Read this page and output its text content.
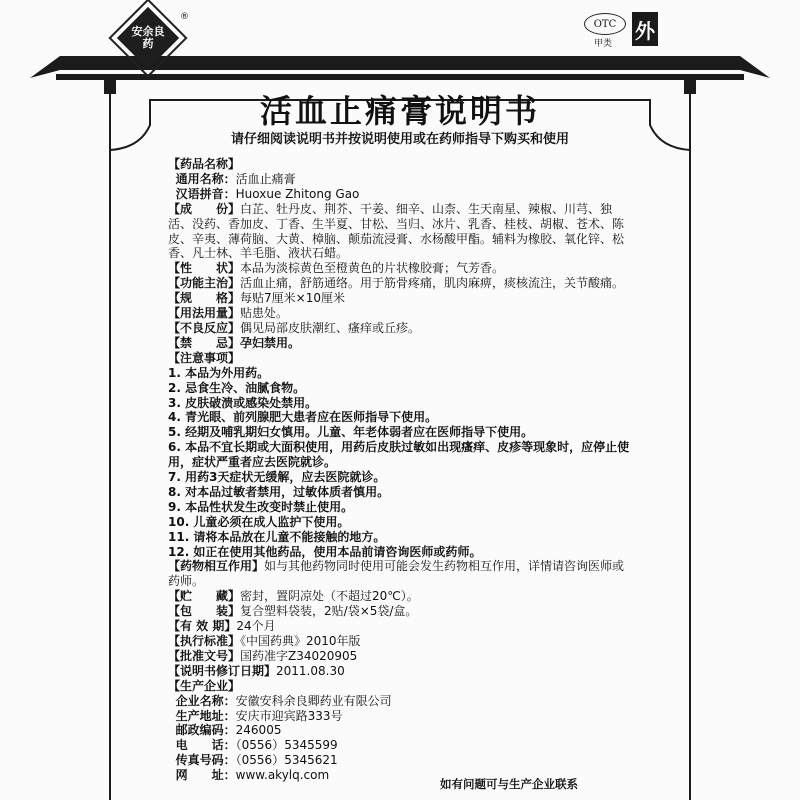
安余良药
®
OTC
甲类
外
活血止痛膏说明书
请仔细阅读说明书并按说明使用或在药师指导下购买和使用
【药品名称】
通用名称：活血止痛膏
汉语拼音：Huoxue Zhitong Gao
【成　　份】白芷、牡丹皮、荆芥、干姜、细辛、山柰、生天南星、辣椒、川芎、独活、没药、香加皮、丁香、生半夏、甘松、当归、冰片、乳香、桂枝、胡椒、苍术、陈皮、辛夷、薄荷脑、大黄、樟脑、颠茄流浸膏、水杨酸甲酯。辅料为橡胶、氧化锌、松香、凡士林、羊毛脂、液状石蜡。
【性　　状】本品为淡棕黄色至橙黄色的片状橡胶膏；气芳香。
【功能主治】活血止痛，舒筋通络。用于筋骨疼痛，肌肉麻痹，痰核流注，关节酸痛。
【规　　格】每贴7厘米×10厘米
【用法用量】贴患处。
【不良反应】偶见局部皮肤潮红、瘙痒或丘疹。
【禁　　忌】孕妇禁用。
【注意事项】
1. 本品为外用药。
2. 忌食生冷、油腻食物。
3. 皮肤破溃或感染处禁用。
4. 青光眼、前列腺肥大患者应在医师指导下使用。
5. 经期及哺乳期妇女慎用。儿童、年老体弱者应在医师指导下使用。
6. 本品不宜长期或大面积使用，用药后皮肤过敏如出现瘙痒、皮疹等现象时，应停止使用，症状严重者应去医院就诊。
7. 用药3天症状无缓解，应去医院就诊。
8. 对本品过敏者禁用，过敏体质者慎用。
9. 本品性状发生改变时禁止使用。
10. 儿童必须在成人监护下使用。
11. 请将本品放在儿童不能接触的地方。
12. 如正在使用其他药品，使用本品前请咨询医师或药师。
【药物相互作用】如与其他药物同时使用可能会发生药物相互作用，详情请咨询医师或药师。
【贮　　藏】密封，置阴凉处（不超过20℃）。
【包　　装】复合塑料袋装，2贴/袋×5袋/盒。
【有 效 期】24个月
【执行标准】《中国药典》2010年版
【批准文号】国药准字Z34020905
【说明书修订日期】2011.08.30
【生产企业】
企业名称：安徽安科余良卿药业有限公司
生产地址：安庆市迎宾路333号
邮政编码：246005
电　　话：（0556）5345599
传真号码：（0556）5345621
网　　址：www.akylq.com
如有问题可与生产企业联系
